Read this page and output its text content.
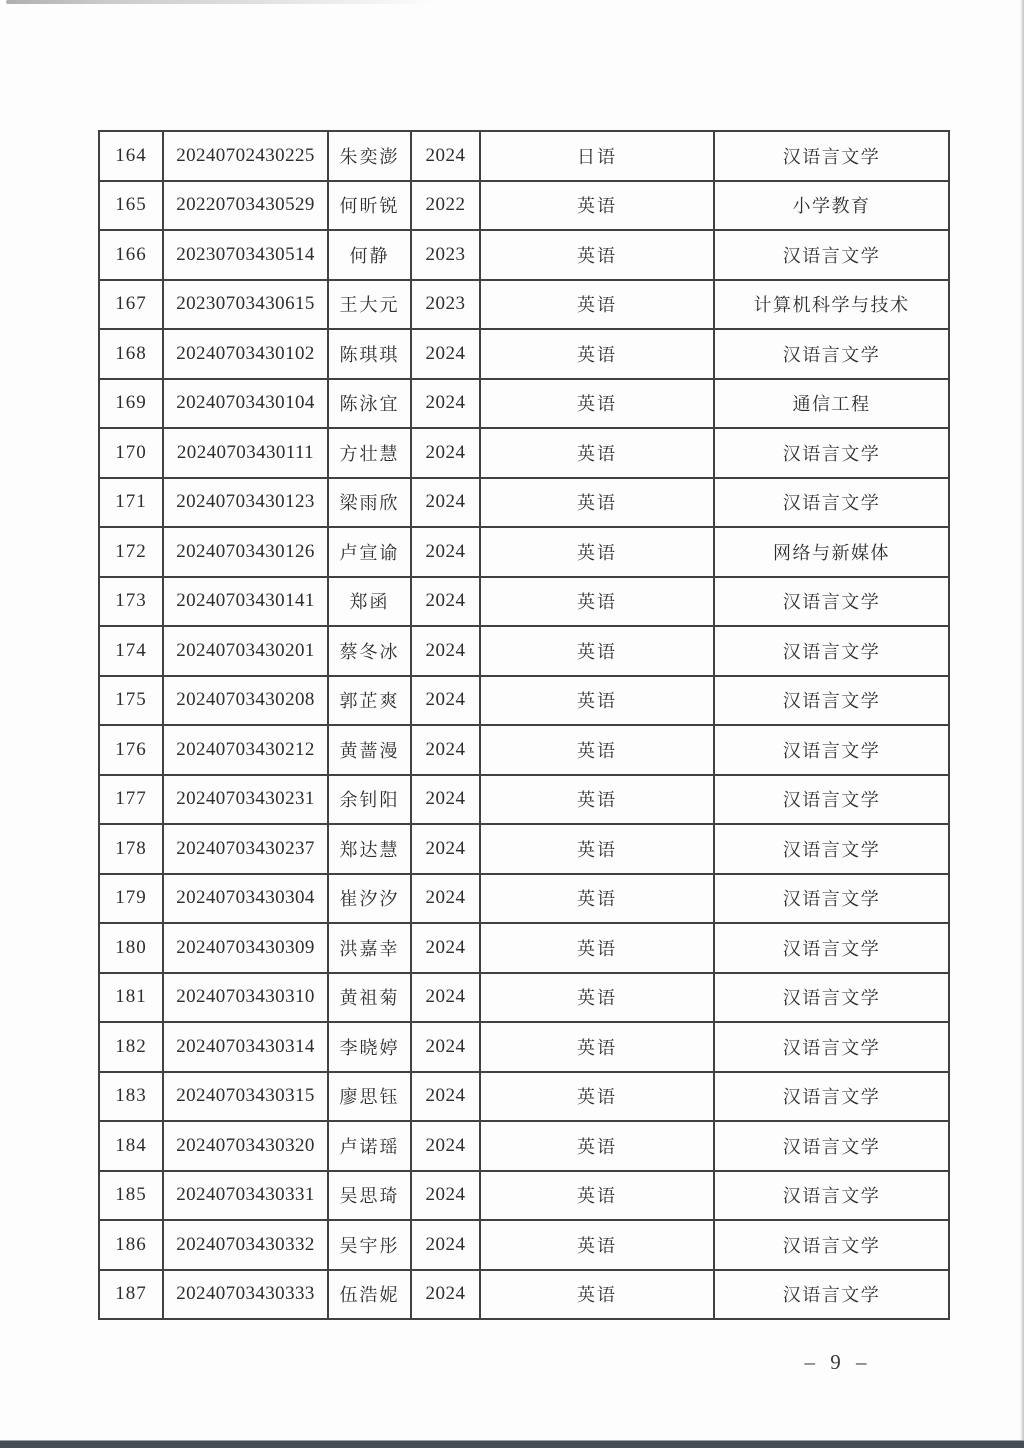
164	20240702430225	朱奕澎	2024	日语	汉语言文学
165	20220703430529	何昕锐	2022	英语	小学教育
166	20230703430514	何静	2023	英语	汉语言文学
167	20230703430615	王大元	2023	英语	计算机科学与技术
168	20240703430102	陈琪琪	2024	英语	汉语言文学
169	20240703430104	陈泳宜	2024	英语	通信工程
170	20240703430111	方壮慧	2024	英语	汉语言文学
171	20240703430123	梁雨欣	2024	英语	汉语言文学
172	20240703430126	卢宣谕	2024	英语	网络与新媒体
173	20240703430141	郑函	2024	英语	汉语言文学
174	20240703430201	蔡冬冰	2024	英语	汉语言文学
175	20240703430208	郭芷爽	2024	英语	汉语言文学
176	20240703430212	黄蔷漫	2024	英语	汉语言文学
177	20240703430231	余钊阳	2024	英语	汉语言文学
178	20240703430237	郑达慧	2024	英语	汉语言文学
179	20240703430304	崔汐汐	2024	英语	汉语言文学
180	20240703430309	洪嘉幸	2024	英语	汉语言文学
181	20240703430310	黄祖菊	2024	英语	汉语言文学
182	20240703430314	李晓婷	2024	英语	汉语言文学
183	20240703430315	廖思钰	2024	英语	汉语言文学
184	20240703430320	卢诺瑶	2024	英语	汉语言文学
185	20240703430331	吴思琦	2024	英语	汉语言文学
186	20240703430332	吴宇彤	2024	英语	汉语言文学
187	20240703430333	伍浩妮	2024	英语	汉语言文学
– 9 –
